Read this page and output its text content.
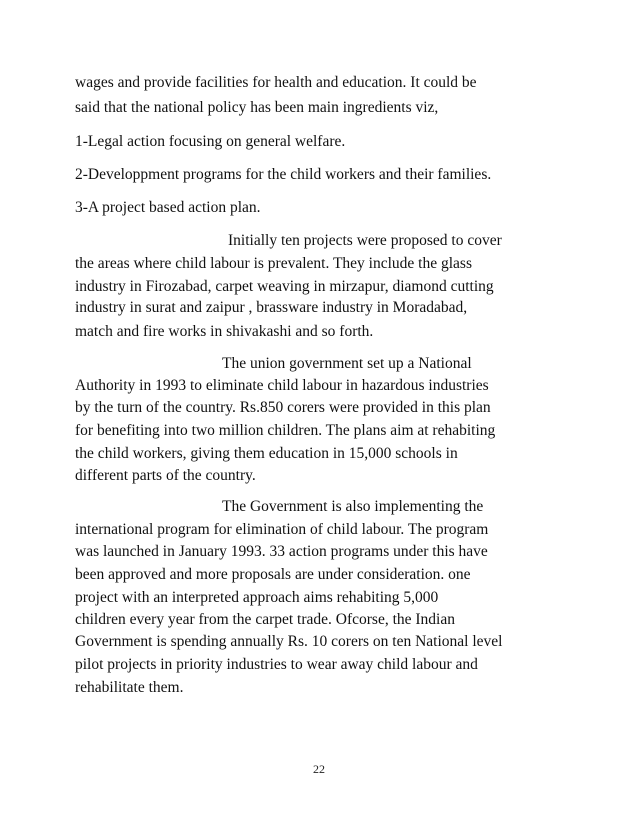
wages and provide facilities for health and education. It could be
said that the national policy has been main ingredients viz,
1-Legal action focusing on general welfare.
2-Developpment programs for the child workers and their families.
3-A project based action plan.
Initially ten projects were proposed to cover
the areas where child labour is prevalent. They include the glass
industry in Firozabad, carpet weaving in mirzapur, diamond cutting
industry in surat and zaipur , brassware industry in Moradabad,
match and fire works in shivakashi and so forth.
The union government set up a National
Authority in 1993 to eliminate child labour in hazardous industries
by the turn of the country. Rs.850 corers were provided in this plan
for benefiting into two million children. The plans aim at rehabiting
the child workers, giving them education in 15,000 schools in
different parts of the country.
The Government is also implementing the
international program for elimination of child labour. The program
was launched in January 1993. 33 action programs under this have
been approved and more proposals are under consideration. one
project with an interpreted approach aims rehabiting 5,000
children every year from the carpet trade. Ofcorse, the Indian
Government is spending annually Rs. 10 corers on ten National level
pilot projects in priority industries to wear away child labour and
rehabilitate them.
22
